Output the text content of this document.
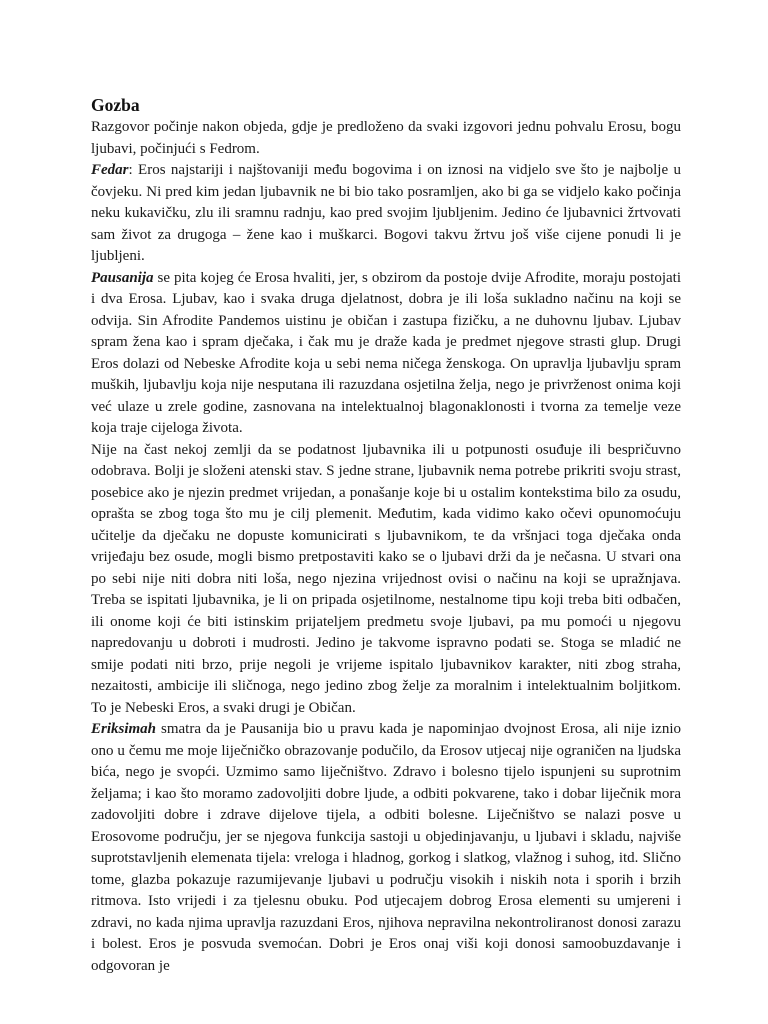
Gozba

Razgovor počinje nakon objeda, gdje je predloženo da svaki izgovori jednu pohvalu Erosu, bogu ljubavi, počinjući s Fedrom.

Fedar: Eros najstariji i najštovaniji među bogovima i on iznosi na vidjelo sve što je najbolje u čovjeku. Ni pred kim jedan ljubavnik ne bi bio tako posramljen, ako bi ga se vidjelo kako počinja neku kukavičku, zlu ili sramnu radnju, kao pred svojim ljubljenim. Jedino će ljubavnici žrtvovati sam život za drugoga – žene kao i muškarci. Bogovi takvu žrtvu još više cijene ponudi li je ljubljeni.

Pausanija se pita kojeg će Erosa hvaliti, jer, s obzirom da postoje dvije Afrodite, moraju postojati i dva Erosa. Ljubav, kao i svaka druga djelatnost, dobra je ili loša sukladno načinu na koji se odvija. Sin Afrodite Pandemos uistinu je običan i zastupa fizičku, a ne duhovnu ljubav. Ljubav spram žena kao i spram dječaka, i čak mu je draže kada je predmet njegove strasti glup. Drugi Eros dolazi od Nebeske Afrodite koja u sebi nema ničega ženskoga. On upravlja ljubavlju spram muških, ljubavlju koja nije nesputana ili razuzdana osjetilna želja, nego je privrženost onima koji već ulaze u zrele godine, zasnovana na intelektualnoj blagonaklonosti i tvorna za temelje veze koja traje cijeloga života.

Nije na čast nekoj zemlji da se podatnost ljubavnika ili u potpunosti osuđuje ili bespričuvno odobrava. Bolji je složeni atenski stav. S jedne strane, ljubavnik nema potrebe prikriti svoju strast, posebice ako je njezin predmet vrijedan, a ponašanje koje bi u ostalim kontekstima bilo za osudu, oprašta se zbog toga što mu je cilj plemenit. Međutim, kada vidimo kako očevi opunomoćuju učitelje da dječaku ne dopuste komunicirati s ljubavnikom, te da vršnjaci toga dječaka onda vrijeđaju bez osude, mogli bismo pretpostaviti kako se o ljubavi drži da je nečasna. U stvari ona po sebi nije niti dobra niti loša, nego njezina vrijednost ovisi o načinu na koji se upražnjava. Treba se ispitati ljubavnika, je li on pripada osjetilnome, nestalnome tipu koji treba biti odbačen, ili onome koji će biti istinskim prijateljem predmetu svoje ljubavi, pa mu pomoći u njegovu napredovanju u dobroti i mudrosti. Jedino je takvome ispravno podati se. Stoga se mladić ne smije podati niti brzo, prije negoli je vrijeme ispitalo ljubavnikov karakter, niti zbog straha, nezaitosti, ambicije ili sličnoga, nego jedino zbog želje za moralnim i intelektualnim boljitkom. To je Nebeski Eros, a svaki drugi je Običan.

Eriksimah smatra da je Pausanija bio u pravu kada je napominjao dvojnost Erosa, ali nije iznio ono u čemu me moje liječničko obrazovanje podučilo, da Erosov utjecaj nije ograničen na ljudska bića, nego je svopći. Uzmimo samo liječništvo. Zdravo i bolesno tijelo ispunjeni su suprotnim željama; i kao što moramo zadovoljiti dobre ljude, a odbiti pokvarene, tako i dobar liječnik mora zadovoljiti dobre i zdrave dijelove tijela, a odbiti bolesne. Liječništvo se nalazi posve u Erosovome području, jer se njegova funkcija sastoji u objedinjavanju, u ljubavi i skladu, najviše suprotstavljenih elemenata tijela: vreloga i hladnog, gorkog i slatkog, vlažnog i suhog, itd. Slično tome, glazba pokazuje razumijevanje ljubavi u području visokih i niskih nota i sporih i brzih ritmova. Isto vrijedi i za tjelesnu obuku. Pod utjecajem dobrog Erosa elementi su umjereni i zdravi, no kada njima upravlja razuzdani Eros, njihova nepravilna nekontroliranost donosi zarazu i bolest. Eros je posvuda svemoćan. Dobri je Eros onaj viši koji donosi samoobuzdavanje i odgovoran je
